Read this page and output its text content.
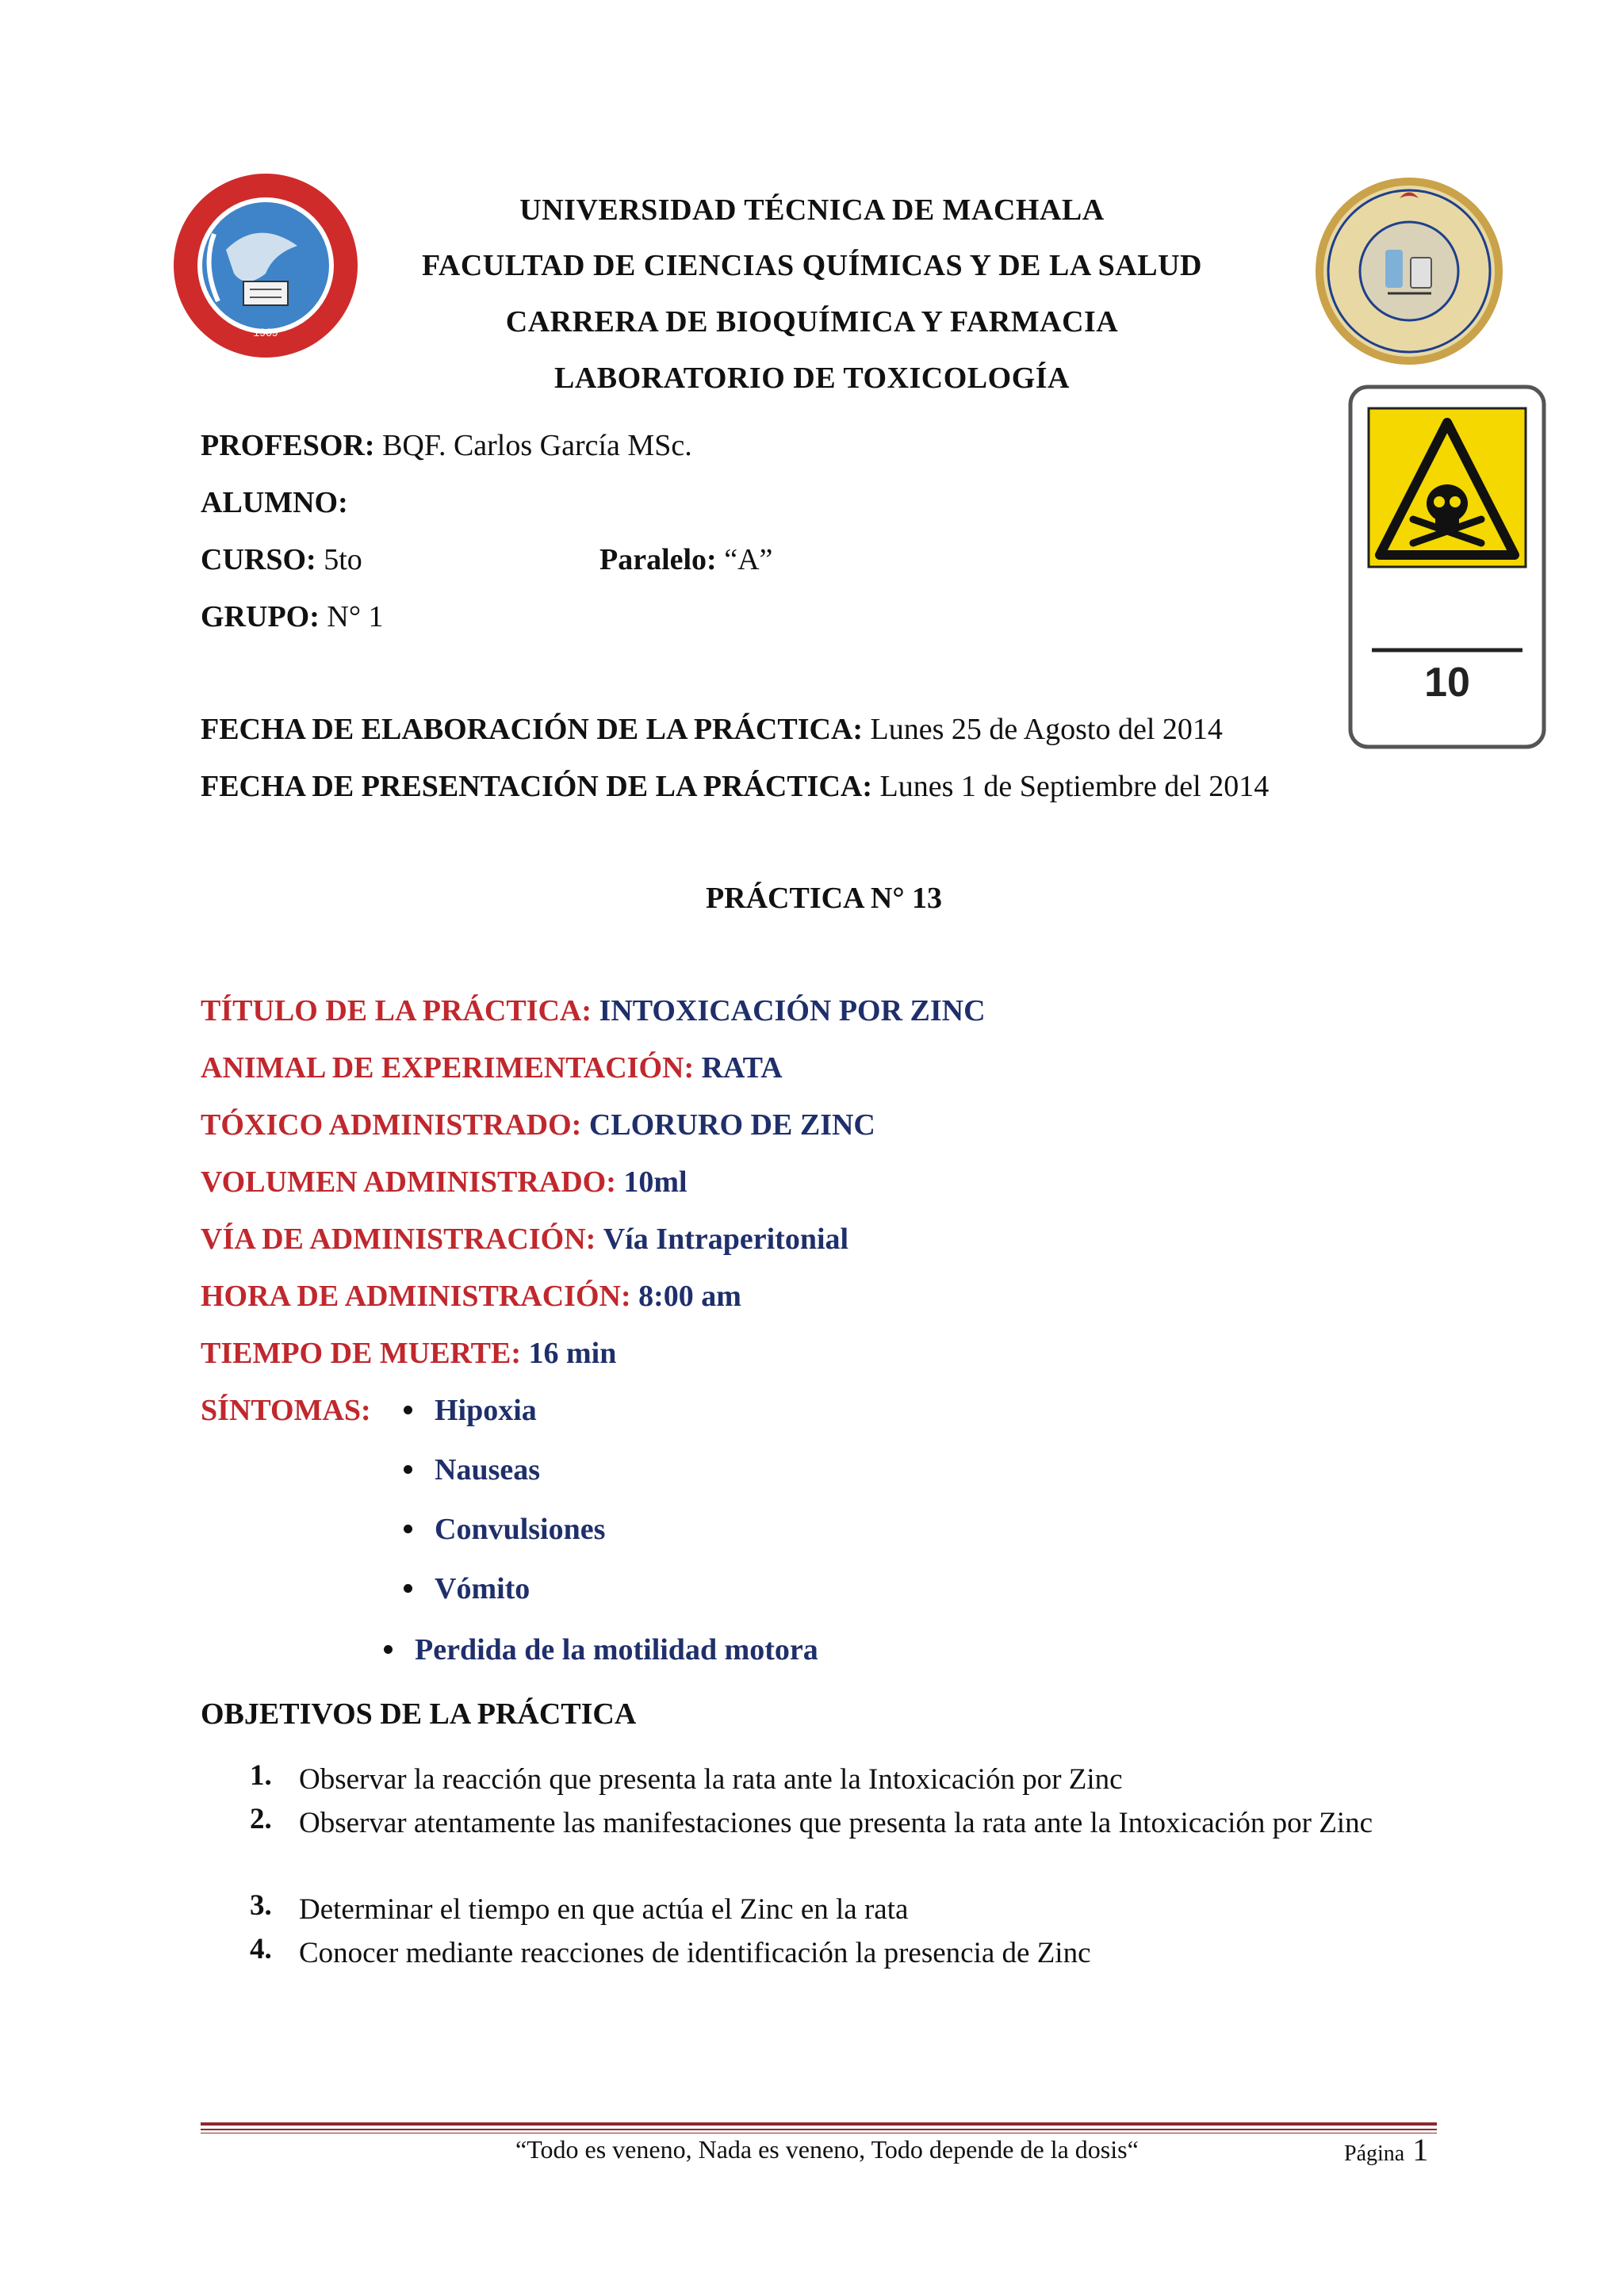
1969
UNIVERSIDAD TÉCNICA DE MACHALA
FACULTAD DE CIENCIAS QUÍMICAS Y DE LA SALUD
CARRERA DE BIOQUÍMICA Y FARMACIA
LABORATORIO DE TOXICOLOGÍA
10
PROFESOR: BQF. Carlos García MSc.
ALUMNO:
CURSO: 5to	Paralelo: “A”
GRUPO: N° 1
FECHA DE ELABORACIÓN DE LA PRÁCTICA: Lunes 25 de Agosto del 2014
FECHA DE PRESENTACIÓN DE LA PRÁCTICA: Lunes 1 de Septiembre del 2014
PRÁCTICA N° 13
TÍTULO DE LA PRÁCTICA: INTOXICACIÓN POR ZINC
ANIMAL DE EXPERIMENTACIÓN: RATA
TÓXICO ADMINISTRADO: CLORURO DE ZINC
VOLUMEN ADMINISTRADO: 10ml
VÍA DE ADMINISTRACIÓN: Vía Intraperitonial
HORA DE ADMINISTRACIÓN: 8:00 am
TIEMPO DE MUERTE: 16 min
SÍNTOMAS:	Hipoxia
Nauseas
Convulsiones
Vómito
Perdida de la motilidad motora
OBJETIVOS DE LA PRÁCTICA
1. Observar la reacción que presenta la rata ante la Intoxicación por Zinc
2. Observar atentamente las manifestaciones que presenta la rata ante la Intoxicación por Zinc
3. Determinar el tiempo en que actúa el Zinc en la rata
4. Conocer mediante reacciones de identificación la presencia de Zinc
“Todo es veneno, Nada es veneno, Todo depende de la dosis“	Página 1
